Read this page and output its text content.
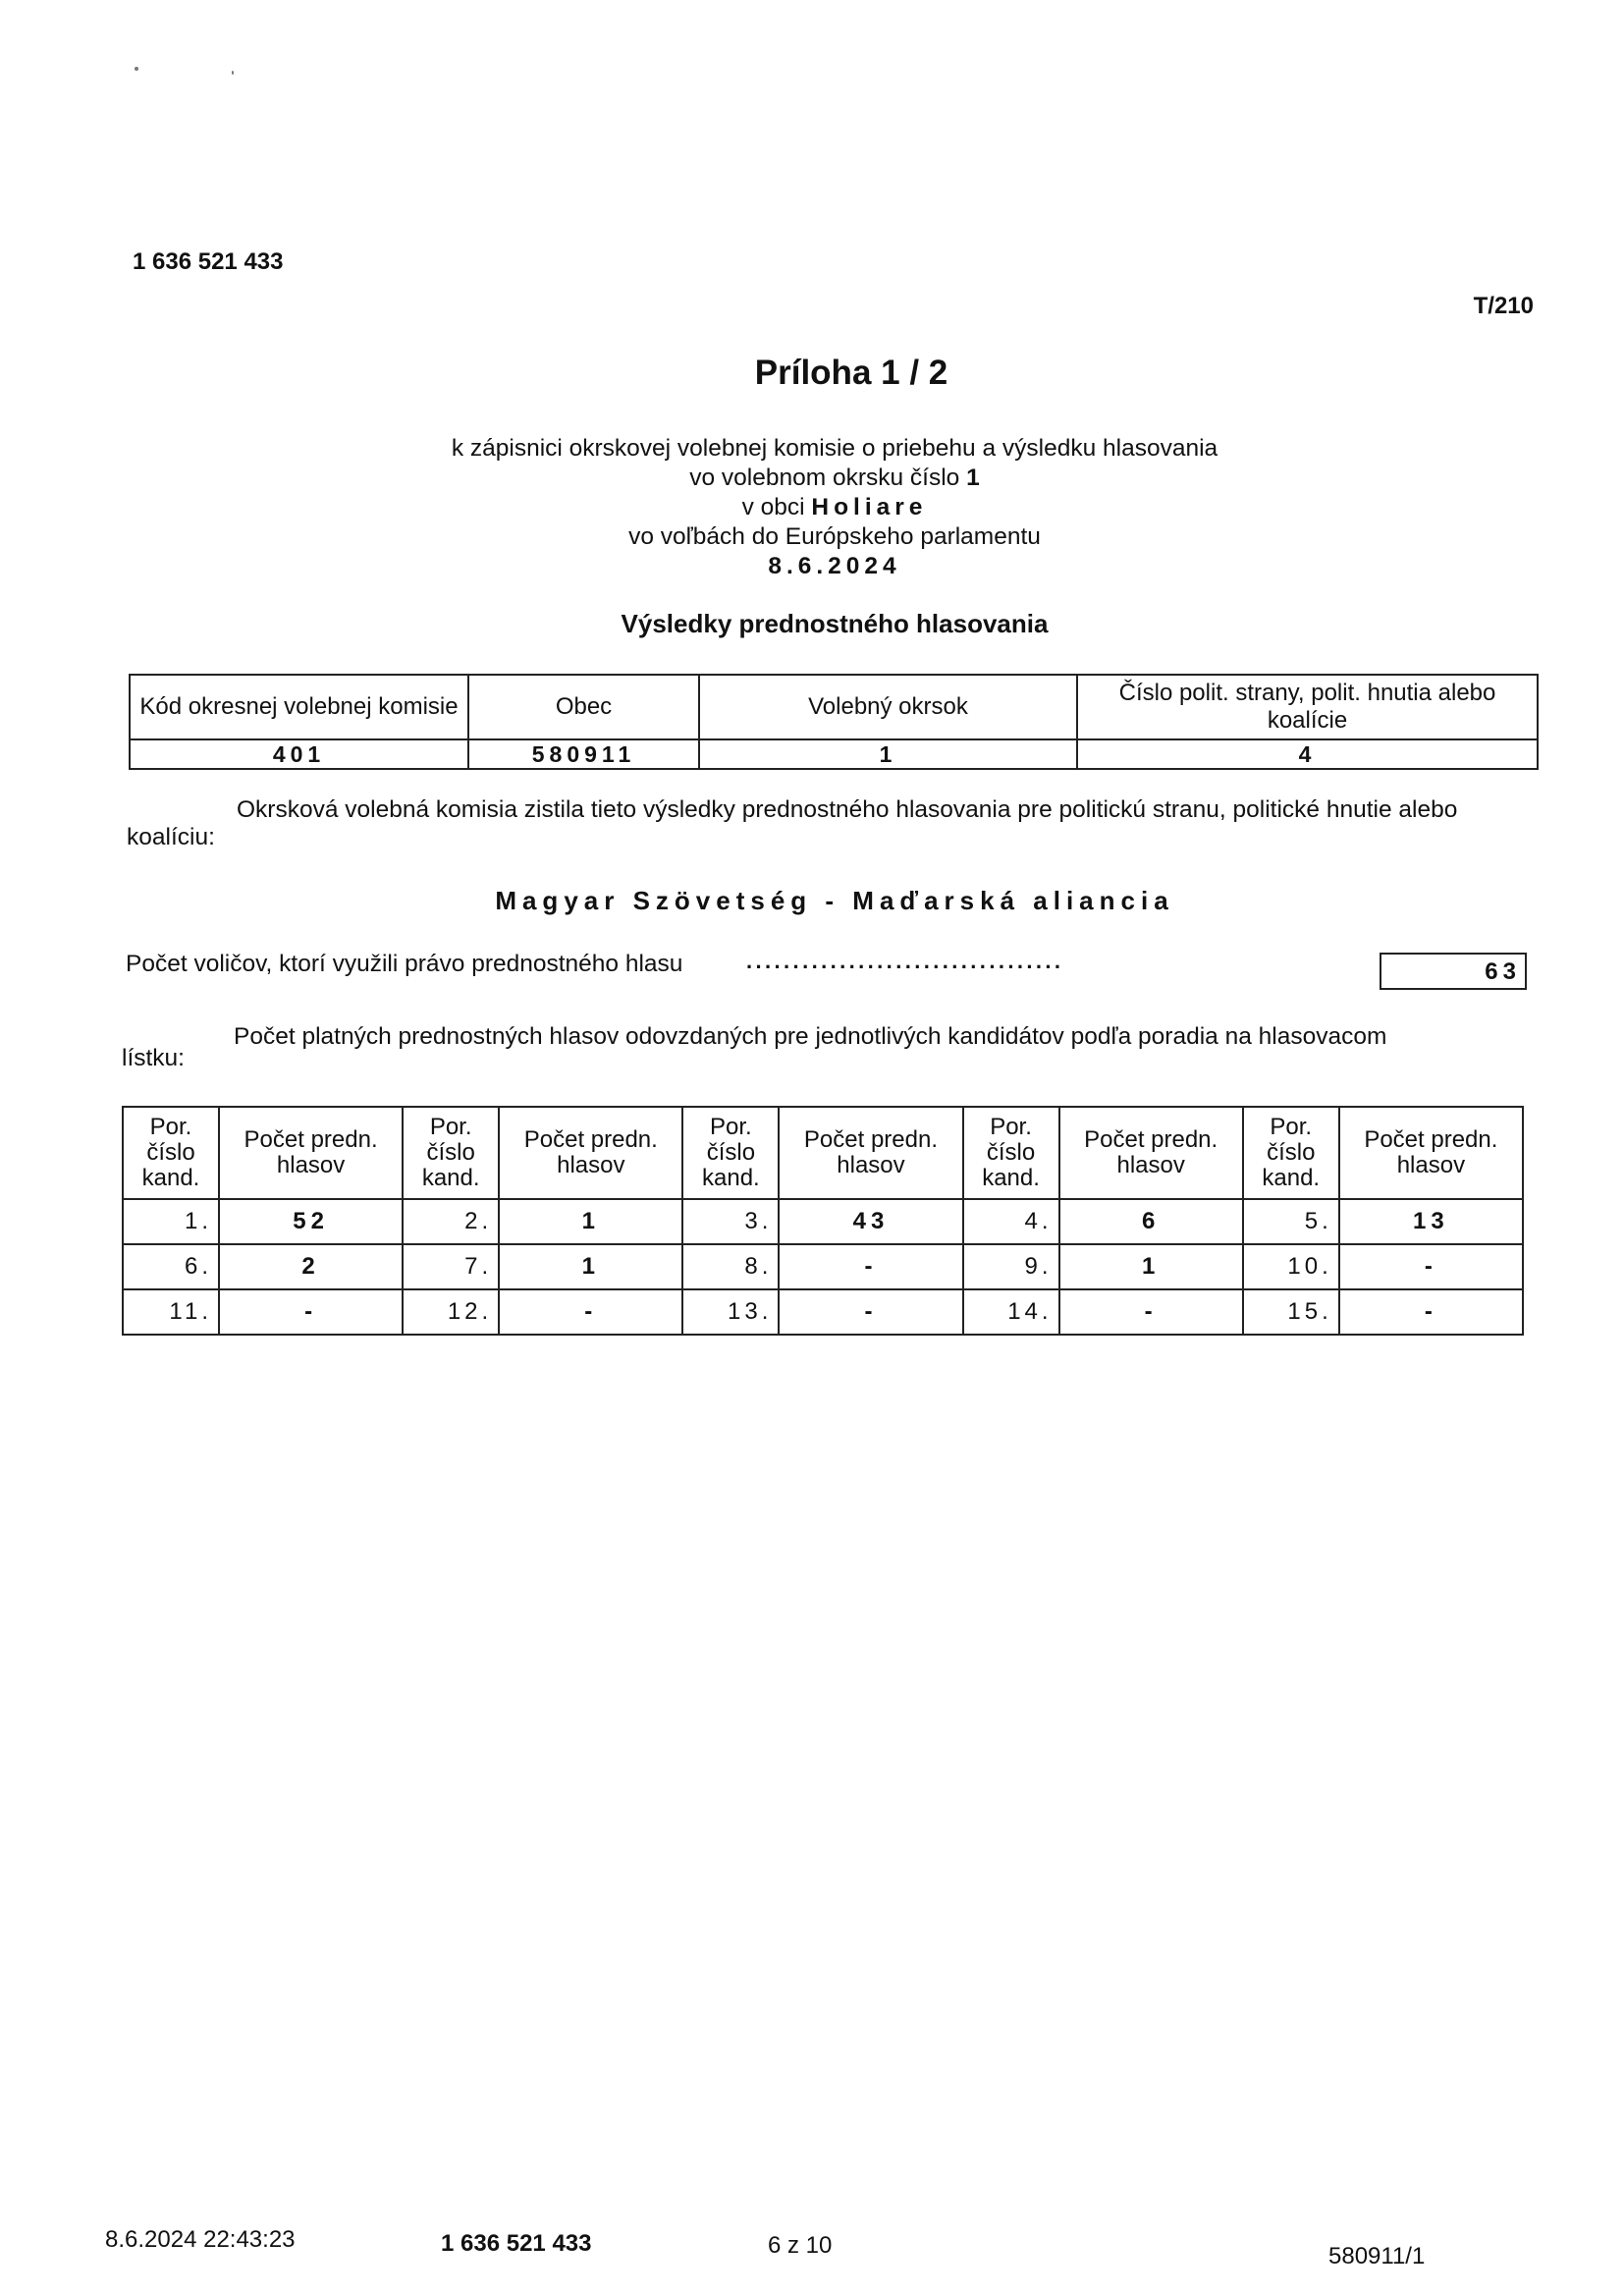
1 636 521 433
T/210
Príloha 1 / 2
k zápisnici okrskovej volebnej komisie o priebehu a výsledku hlasovania
vo volebnom okrsku číslo 1
v obci Holiare
vo voľbách do Európskeho parlamentu
8.6.2024
Výsledky prednostného hlasovania
Kód okresnej volebnej komisie	Obec	Volebný okrsok	Číslo polit. strany, polit. hnutia alebo koalície
401	580911	1	4
Okrsková volebná komisia zistila tieto výsledky prednostného hlasovania pre politickú stranu, politické hnutie alebo koalíciu:
Magyar Szövetség - Maďarská aliancia
Počet voličov, ktorí využili právo prednostného hlasu	..................................	63
Počet platných prednostných hlasov odovzdaných pre jednotlivých kandidátov podľa poradia na hlasovacom
lístku:
Por. číslo kand.	Počet predn. hlasov	Por. číslo kand.	Počet predn. hlasov	Por. číslo kand.	Počet predn. hlasov	Por. číslo kand.	Počet predn. hlasov	Por. číslo kand.	Počet predn. hlasov
1.	52	2.	1	3.	43	4.	6	5.	13
6.	2	7.	1	8.	-	9.	1	10.	-
11.	-	12.	-	13.	-	14.	-	15.	-
8.6.2024 22:43:23	1 636 521 433	6 z 10	580911/1
